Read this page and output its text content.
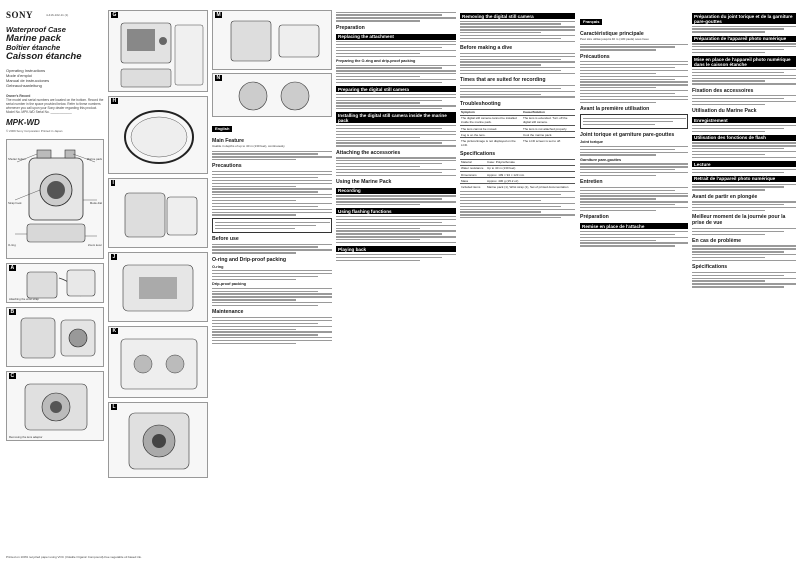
SONY	4-416-102-11 (1)
Waterproof Case
Marine pack
Boîtier étanche
Caisson étanche
Operating Instructions
Mode d'emploi
Manual de instrucciones
Gebrauchsanleitung
Owner's Record
The model and serial numbers are located on the bottom. Record the serial number in the space provided below. Refer to these numbers whenever you call upon your Sony dealer regarding this product.
Model No. MPK-WD Serial No. ____________
MPK-WD
© 2009 Sony Corporation Printed in Japan
Shutter button	Marine pack
Strap hook	Mode dial
O-ring	Zoom lever
A
Attaching the wrist strap
B
C
Removing the lens adaptor
G
H
I
J
K
L
M
N
English
Main Feature
Usable in depths of up to 40 m (130 feet), continuously
Precautions
Before use
O-ring and Drip-proof packing
O-ring
Drip-proof packing
Maintenance
Preparation
Replacing the attachment
Preparing the O-ring and drip-proof packing
Preparing the digital still camera
Installing the digital still camera inside the marine pack
Attaching the accessories
Using the Marine Pack
Recording
Using flashing functions
Playing back
Removing the digital still camera
Before making a dive
Times that are suited for recording
Troubleshooting
Symptom	Cause/Solution
The digital still camera cannot be installed inside the marine pack.	The lens is extended. Turn off the digital still camera.
The lens cannot be moved.	The lens is not attached properly.
Fog is on the lens.	Cool the marine pack.
The picture/image is not displayed on the LCD.	The LCD screen is set to off.
Specifications
Material	Case: Polycarbonate
Water resistance	Up to 40 m (130 feet)
Dimensions	Approx. 109 × 94 × 123 mm
Mass	Approx. 430 g (15.2 oz)
Included items	Marine pack (1), Wrist strap (1), Set of printed documentation
Français
Caractéristique principale
Peut être utilisé jusqu'à 40 m (130 pieds) sous l'eau
Précautions
Avant la première utilisation
Joint torique et garniture pare-gouttes
Joint torique
Garniture pare-gouttes
Entretien
Préparation
Remise en place de l'attache
Préparation du joint torique et de la garniture pare-gouttes
Préparation de l'appareil photo numérique
Mise en place de l'appareil photo numérique dans le caisson étanche
Fixation des accessoires
Utilisation du Marine Pack
Enregistrement
Utilisation des fonctions de flash
Lecture
Retrait de l'appareil photo numérique
Avant de partir en plongée
Meilleur moment de la journée pour la prise de vue
En cas de problème
Spécifications
Printed on 100% recycled paper using VOC (Volatile Organic Compound)-free vegetable oil based ink.
